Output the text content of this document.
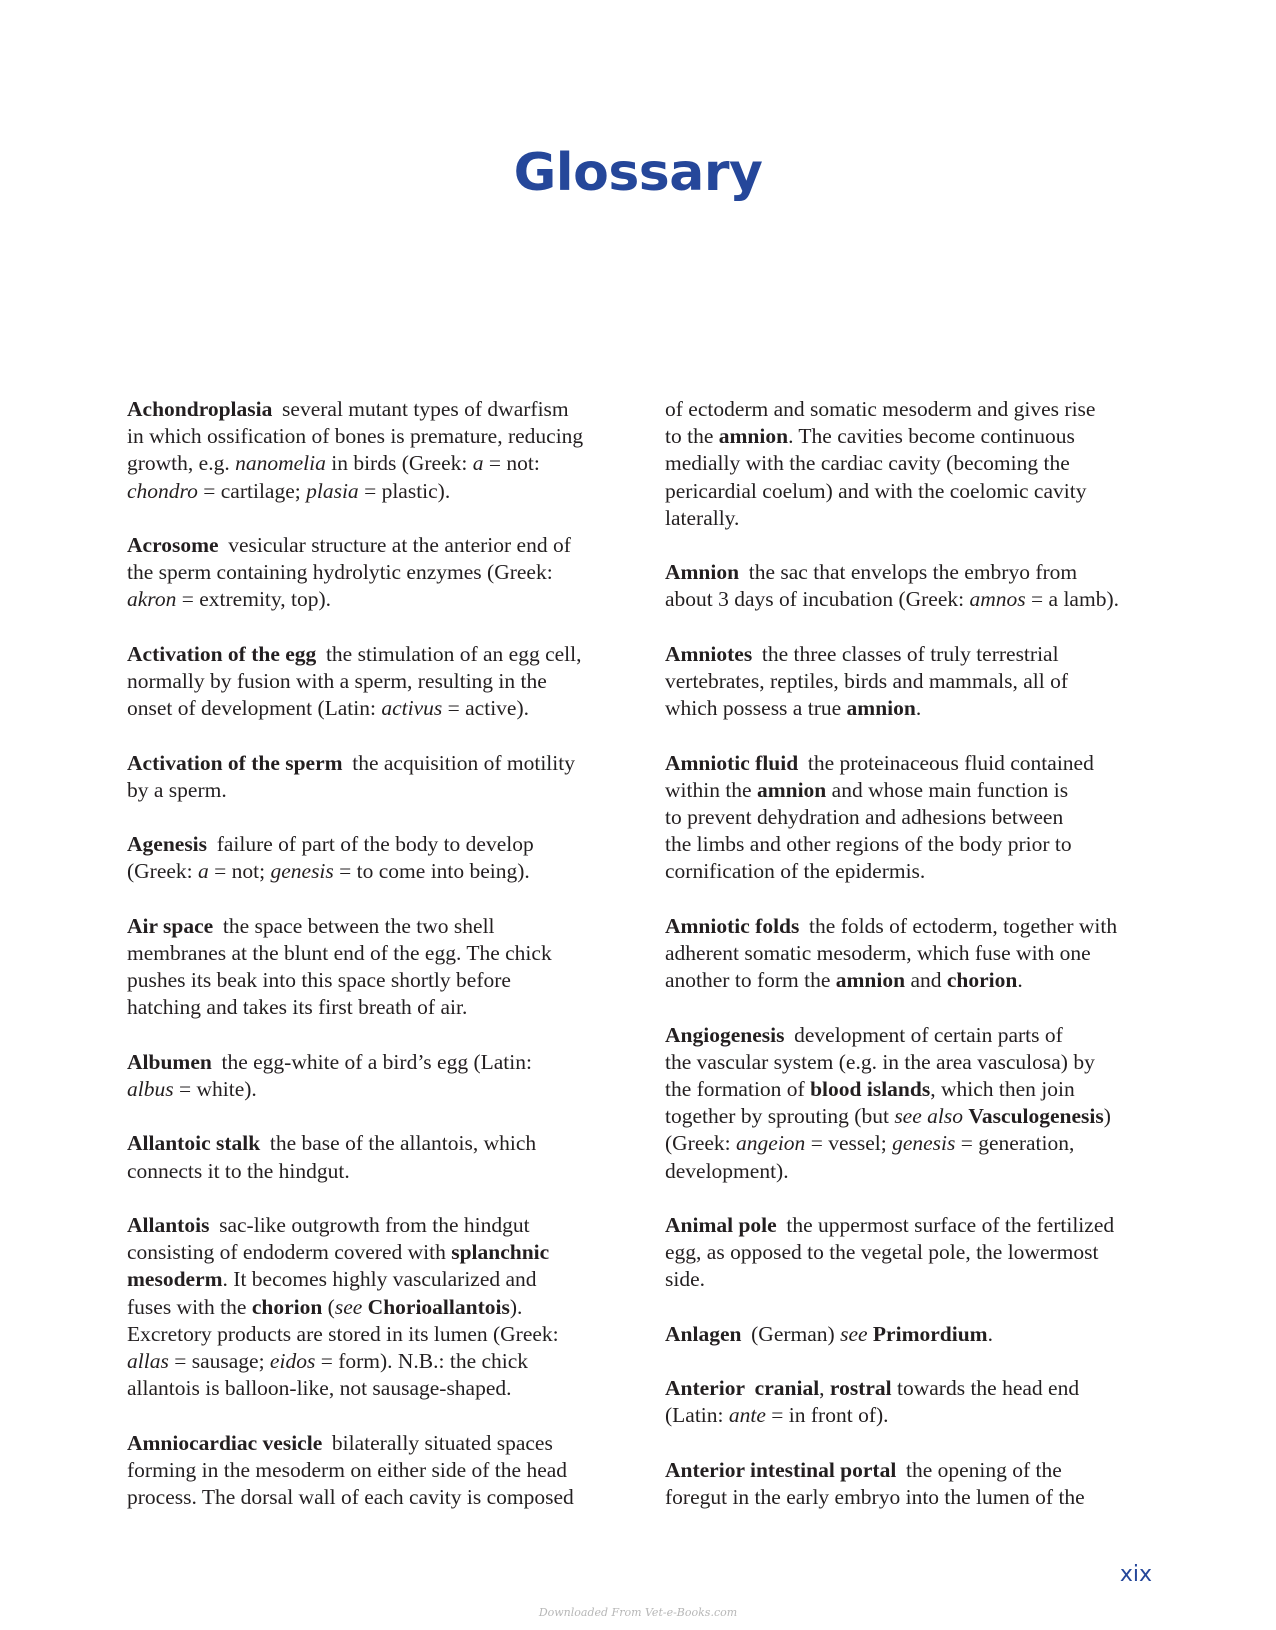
Glossary
Achondroplasia several mutant types of dwarfism
in which ossification of bones is premature, reducing
growth, e.g. nanomelia in birds (Greek: a = not:
chondro = cartilage; plasia = plastic).
Acrosome vesicular structure at the anterior end of
the sperm containing hydrolytic enzymes (Greek:
akron = extremity, top).
Activation of the egg the stimulation of an egg cell,
normally by fusion with a sperm, resulting in the
onset of development (Latin: activus = active).
Activation of the sperm the acquisition of motility
by a sperm.
Agenesis failure of part of the body to develop
(Greek: a = not; genesis = to come into being).
Air space the space between the two shell
membranes at the blunt end of the egg. The chick
pushes its beak into this space shortly before
hatching and takes its first breath of air.
Albumen the egg-white of a bird’s egg (Latin:
albus = white).
Allantoic stalk the base of the allantois, which
connects it to the hindgut.
Allantois sac-like outgrowth from the hindgut
consisting of endoderm covered with splanchnic
mesoderm. It becomes highly vascularized and
fuses with the chorion (see Chorioallantois).
Excretory products are stored in its lumen (Greek:
allas = sausage; eidos = form). N.B.: the chick
allantois is balloon-like, not sausage-shaped.
Amniocardiac vesicle bilaterally situated spaces
forming in the mesoderm on either side of the head
process. The dorsal wall of each cavity is composed
of ectoderm and somatic mesoderm and gives rise
to the amnion. The cavities become continuous
medially with the cardiac cavity (becoming the
pericardial coelum) and with the coelomic cavity
laterally.
Amnion the sac that envelops the embryo from
about 3 days of incubation (Greek: amnos = a lamb).
Amniotes the three classes of truly terrestrial
vertebrates, reptiles, birds and mammals, all of
which possess a true amnion.
Amniotic fluid the proteinaceous fluid contained
within the amnion and whose main function is
to prevent dehydration and adhesions between
the limbs and other regions of the body prior to
cornification of the epidermis.
Amniotic folds the folds of ectoderm, together with
adherent somatic mesoderm, which fuse with one
another to form the amnion and chorion.
Angiogenesis development of certain parts of
the vascular system (e.g. in the area vasculosa) by
the formation of blood islands, which then join
together by sprouting (but see also Vasculogenesis)
(Greek: angeion = vessel; genesis = generation,
development).
Animal pole the uppermost surface of the fertilized
egg, as opposed to the vegetal pole, the lowermost
side.
Anlagen (German) see Primordium.
Anterior cranial, rostral towards the head end
(Latin: ante = in front of).
Anterior intestinal portal the opening of the
foregut in the early embryo into the lumen of the
xix
Downloaded From Vet-e-Books.com
